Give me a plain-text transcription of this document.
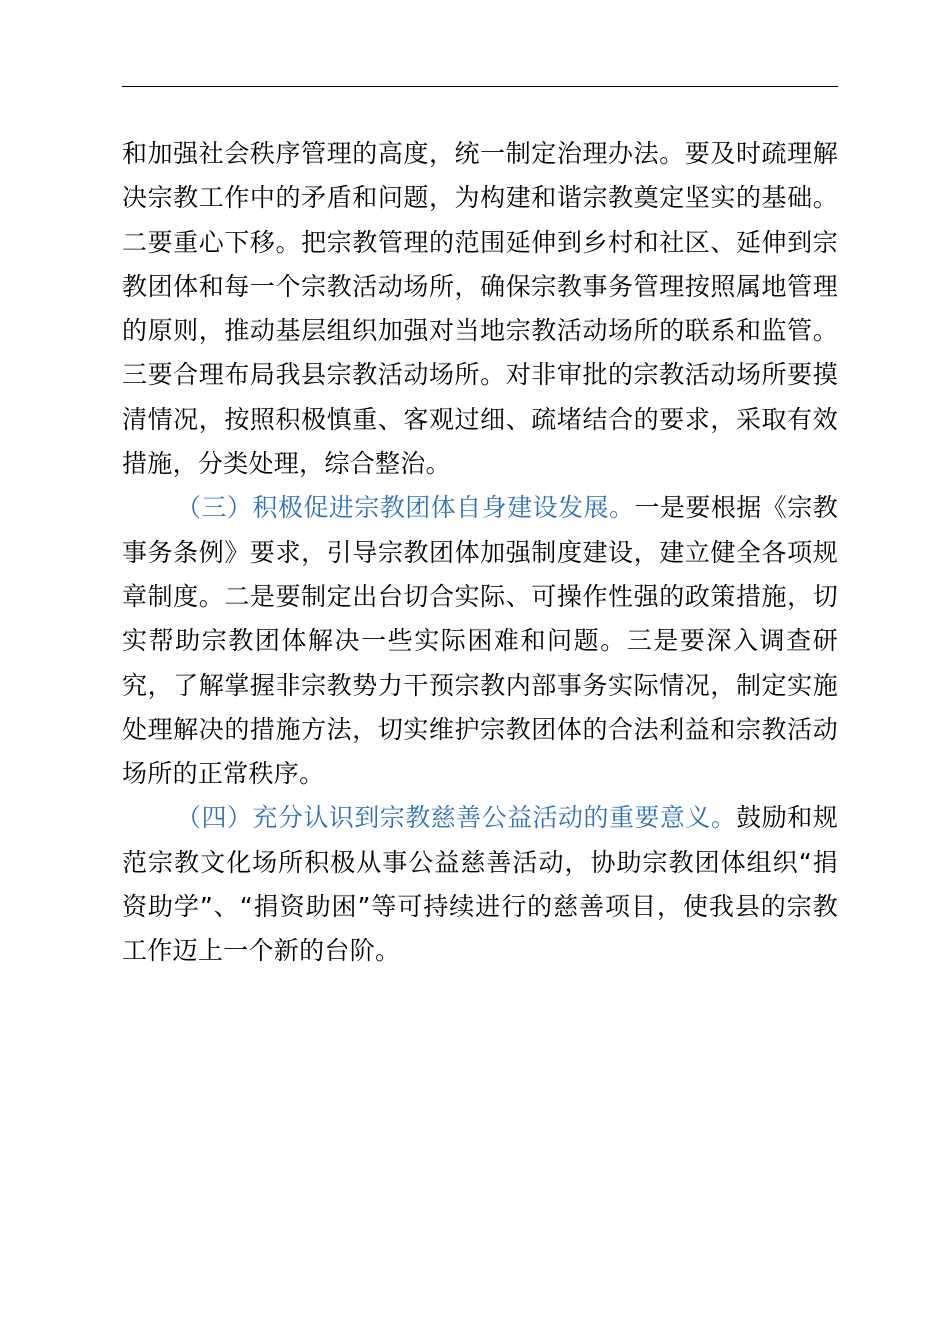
和加强社会秩序管理的高度，统一制定治理办法。要及时疏理解决宗教工作中的矛盾和问题，为构建和谐宗教奠定坚实的基础。二要重心下移。把宗教管理的范围延伸到乡村和社区、延伸到宗教团体和每一个宗教活动场所，确保宗教事务管理按照属地管理的原则，推动基层组织加强对当地宗教活动场所的联系和监管。三要合理布局我县宗教活动场所。对非审批的宗教活动场所要摸清情况，按照积极慎重、客观过细、疏堵结合的要求，采取有效措施，分类处理，综合整治。

（三）积极促进宗教团体自身建设发展。一是要根据《宗教事务条例》要求，引导宗教团体加强制度建设，建立健全各项规章制度。二是要制定出台切合实际、可操作性强的政策措施，切实帮助宗教团体解决一些实际困难和问题。三是要深入调查研究，了解掌握非宗教势力干预宗教内部事务实际情况，制定实施处理解决的措施方法，切实维护宗教团体的合法利益和宗教活动场所的正常秩序。

（四）充分认识到宗教慈善公益活动的重要意义。鼓励和规范宗教文化场所积极从事公益慈善活动，协助宗教团体组织“捐资助学”、“捐资助困”等可持续进行的慈善项目，使我县的宗教工作迈上一个新的台阶。
